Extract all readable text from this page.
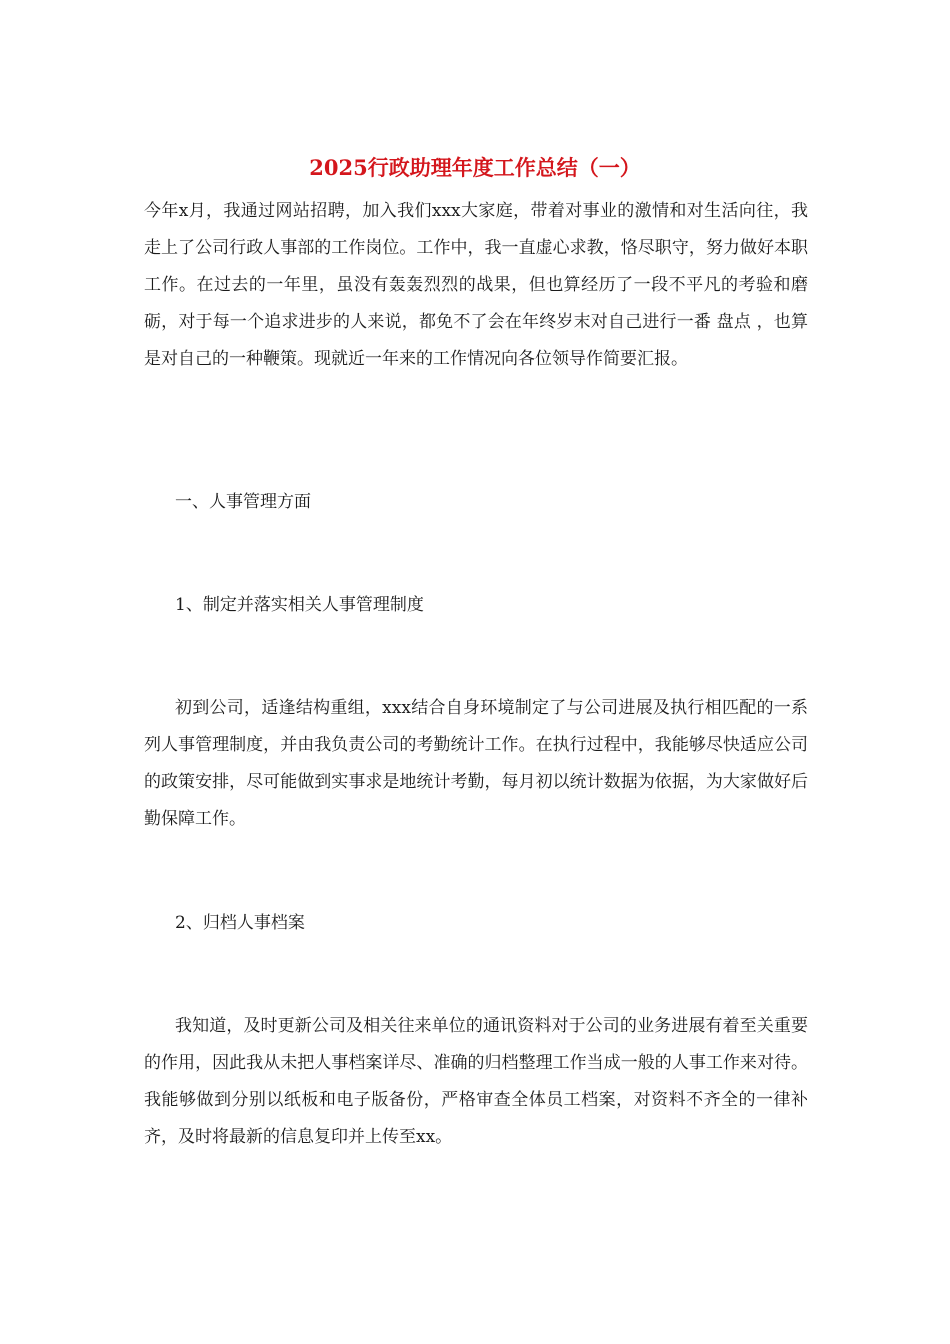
2025行政助理年度工作总结（一）

今年x月，我通过网站招聘，加入我们xxx大家庭，带着对事业的激情和对生活向往，我走上了公司行政人事部的工作岗位。工作中，我一直虚心求教，恪尽职守，努力做好本职工作。在过去的一年里，虽没有轰轰烈烈的战果，但也算经历了一段不平凡的考验和磨砺，对于每一个追求进步的人来说，都免不了会在年终岁末对自己进行一番 盘点 ，也算是对自己的一种鞭策。现就近一年来的工作情况向各位领导作简要汇报。

一、人事管理方面

1、制定并落实相关人事管理制度

初到公司，适逢结构重组，xxx结合自身环境制定了与公司进展及执行相匹配的一系列人事管理制度，并由我负责公司的考勤统计工作。在执行过程中，我能够尽快适应公司的政策安排，尽可能做到实事求是地统计考勤，每月初以统计数据为依据，为大家做好后勤保障工作。

2、归档人事档案

我知道，及时更新公司及相关往来单位的通讯资料对于公司的业务进展有着至关重要的作用，因此我从未把人事档案详尽、准确的归档整理工作当成一般的人事工作来对待。我能够做到分别以纸板和电子版备份，严格审查全体员工档案，对资料不齐全的一律补齐，及时将最新的信息复印并上传至xx。
